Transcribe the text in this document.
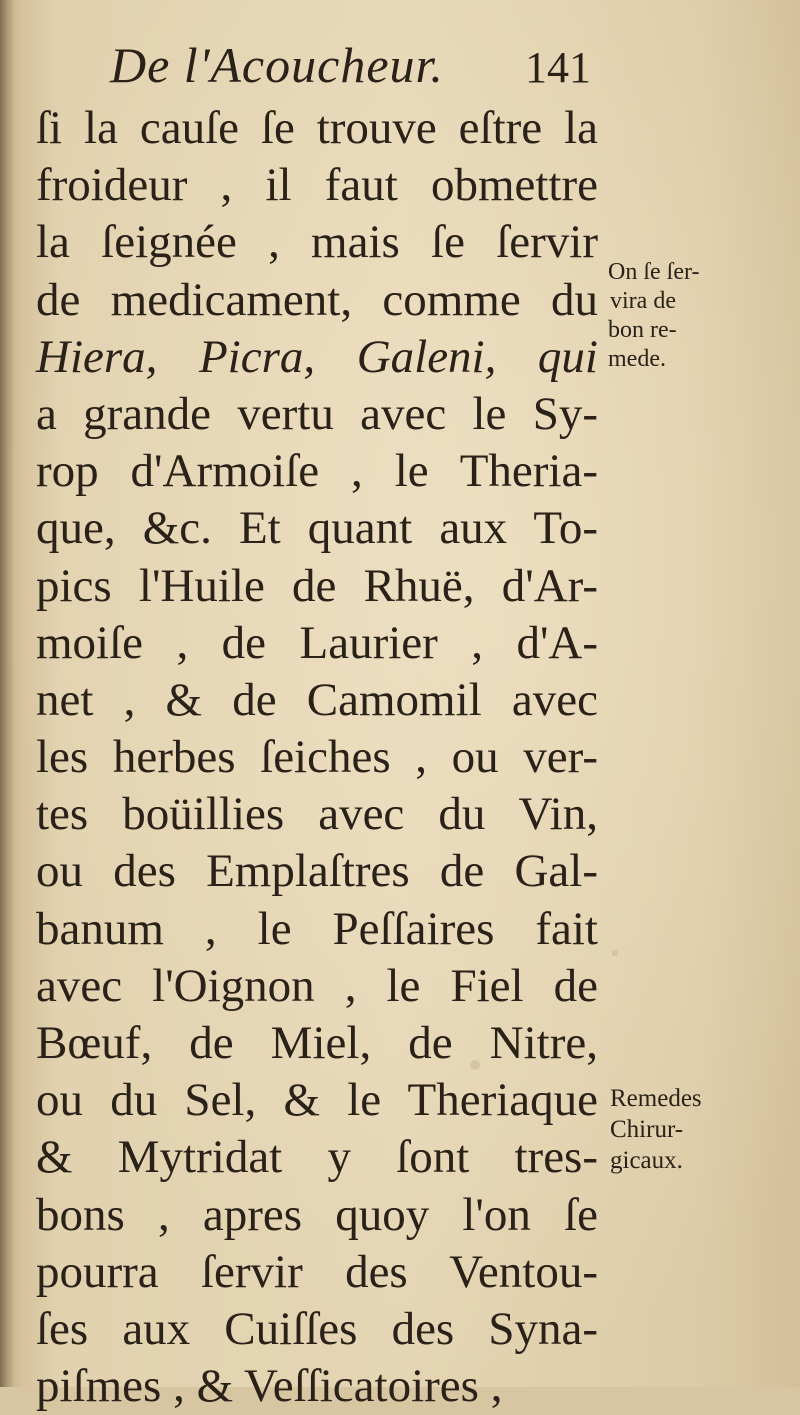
De l'Acoucheur. 141
ſi la cauſe ſe trouve eſtre la
froideur , il faut obmettre
la ſeignée , mais ſe ſervir
de medicament, comme du
Hiera, Picra, Galeni, qui
a grande vertu avec le Sy-
rop d'Armoiſe , le Theria-
que, &c. Et quant aux To-
pics l'Huile de Rhuë, d'Ar-
moiſe , de Laurier , d'A-
net , & de Camomil avec
les herbes ſeiches , ou ver-
tes boüillies avec du Vin,
ou des Emplaſtres de Gal-
banum , le Peſſaires fait
avec l'Oignon , le Fiel de
Bœuf, de Miel, de Nitre,
ou du Sel, & le Theriaque
& Mytridat y ſont tres-
bons , apres quoy l'on ſe
pourra ſervir des Ventou-
ſes aux Cuiſſes des Syna-
piſmes , & Veſſicatoires ,
On ſe ſer-
vira de
bon re-
mede.
Remedes
Chirur-
gicaux.
